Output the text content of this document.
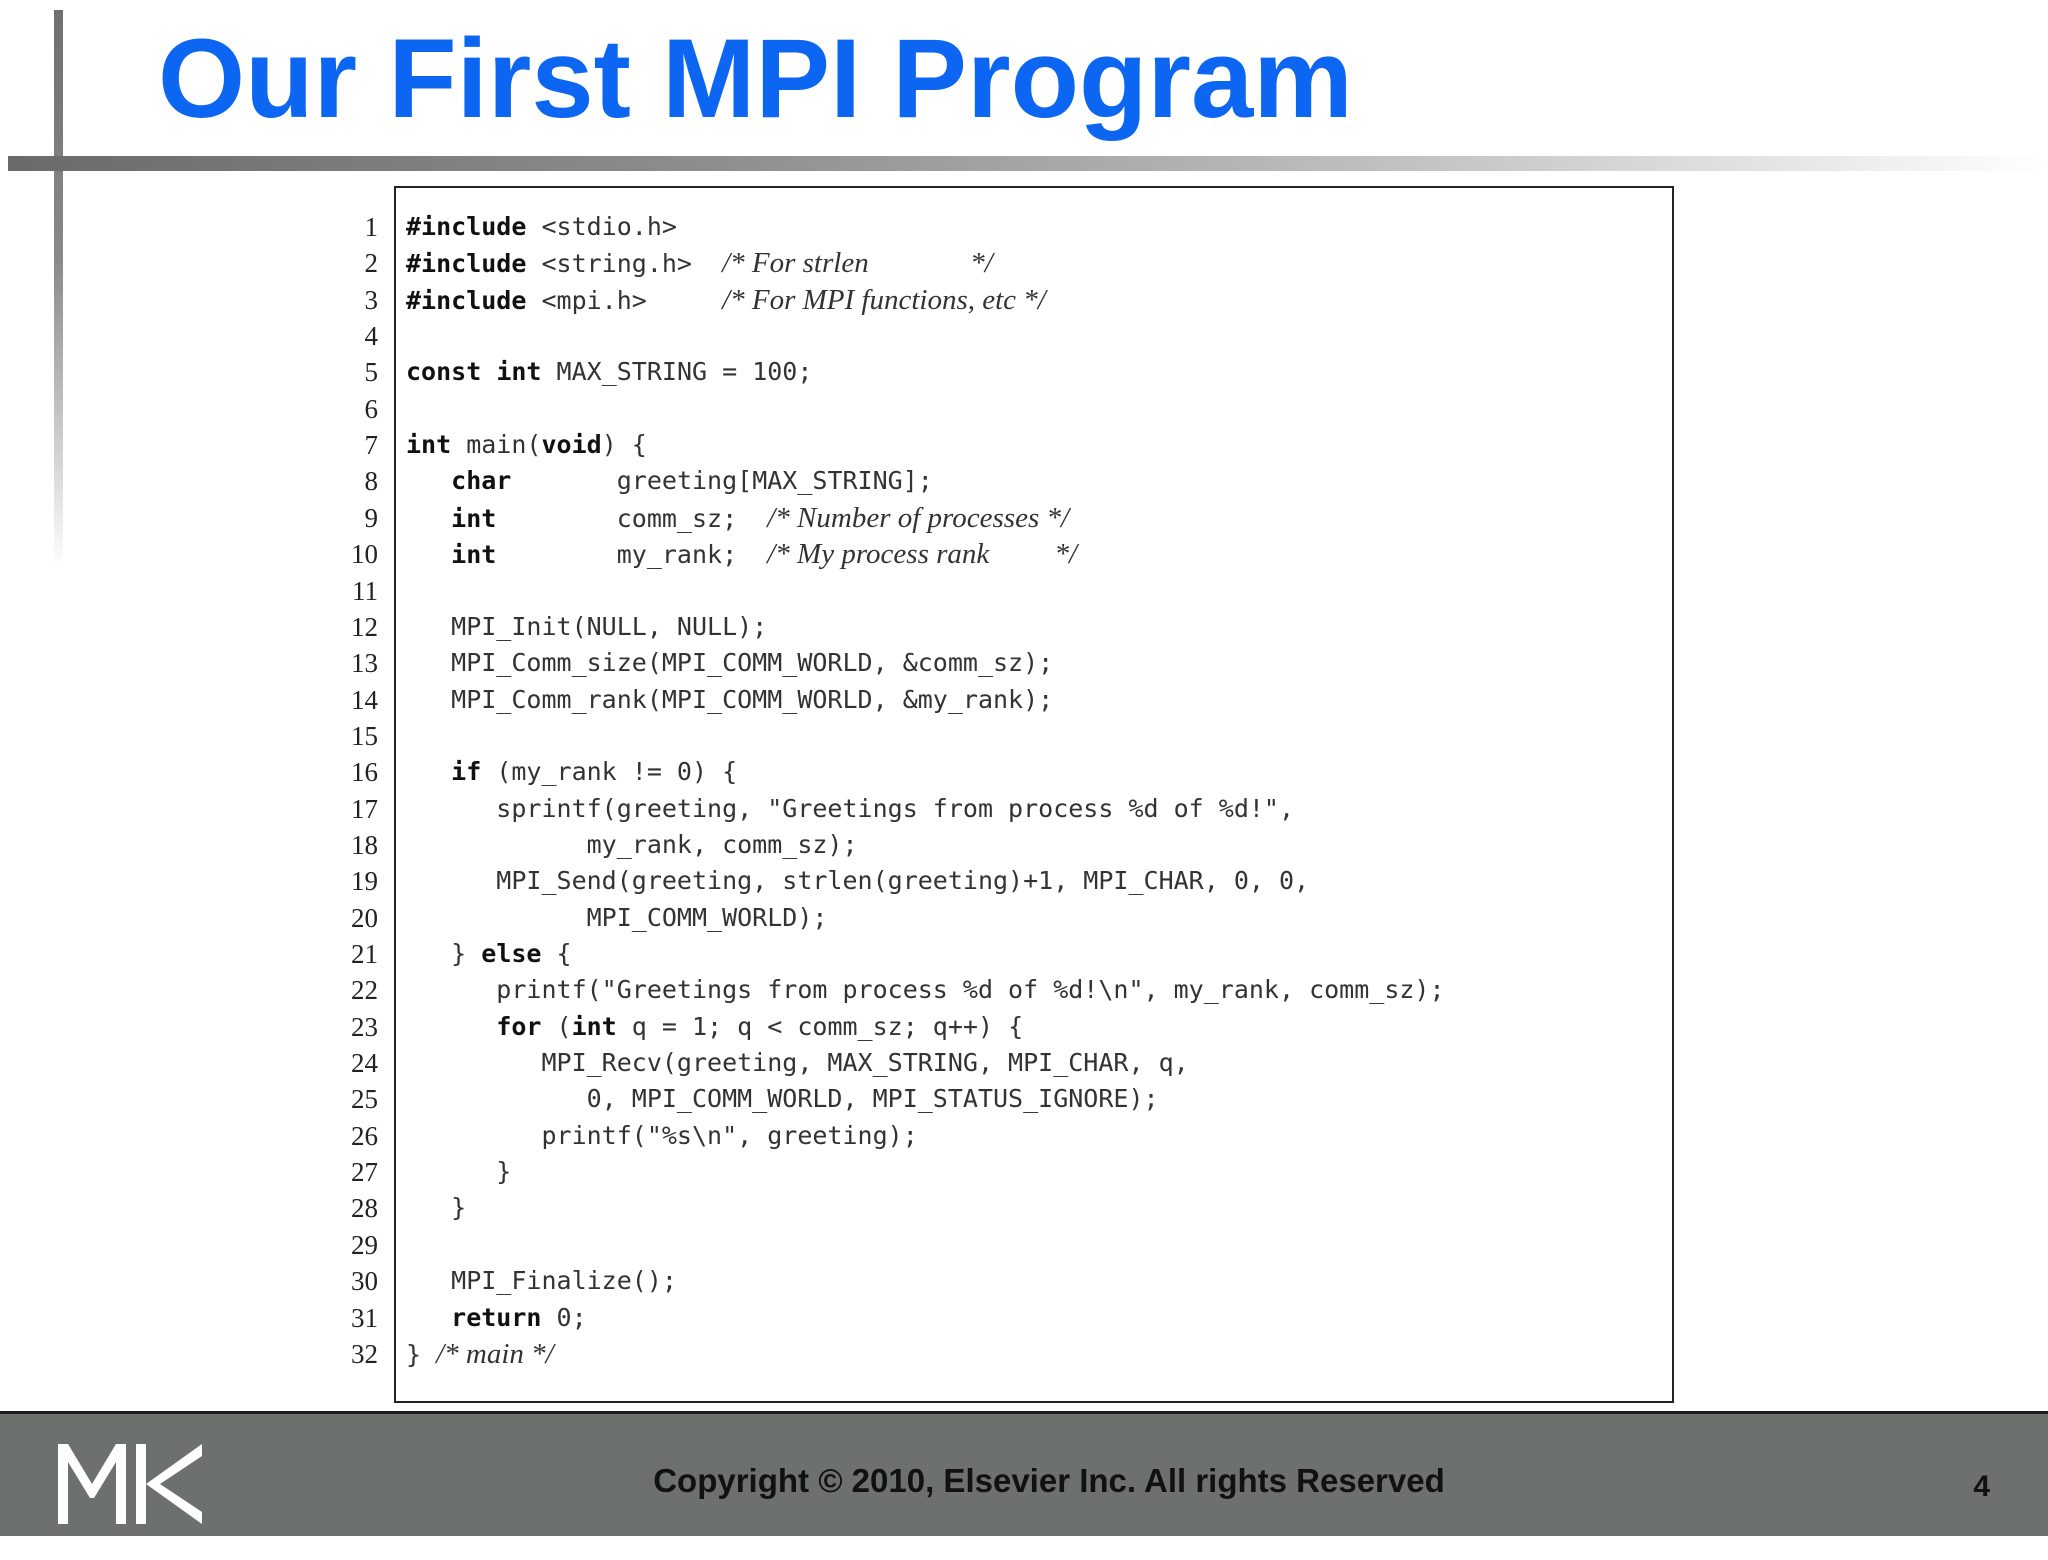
Our First MPI Program
1 #include <stdio.h>
2 #include <string.h>  /* For strlen              */
3 #include <mpi.h>     /* For MPI functions, etc */
4
5 const int MAX_STRING = 100;
6
7 int main(void) {
8	char       greeting[MAX_STRING];
9	int        comm_sz;  /* Number of processes */
10	int        my_rank;  /* My process rank         */
11
12 MPI_Init(NULL, NULL);
13 MPI_Comm_size(MPI_COMM_WORLD, &comm_sz);
14 MPI_Comm_rank(MPI_COMM_WORLD, &my_rank);
15
16	if (my_rank != 0) {
17 sprintf(greeting, "Greetings from process %d of %d!",
18 my_rank, comm_sz);
19 MPI_Send(greeting, strlen(greeting)+1, MPI_CHAR, 0, 0,
20 MPI_COMM_WORLD);
21 } else {
22 printf("Greetings from process %d of %d!\n", my_rank, comm_sz);
23	for (int q = 1; q < comm_sz; q++) {
24 MPI_Recv(greeting, MAX_STRING, MPI_CHAR, q,
25 0, MPI_COMM_WORLD, MPI_STATUS_IGNORE);
26 printf("%s\n", greeting);
27 }
28 }
29
30 MPI_Finalize();
31	return 0;
32 } /* main */
MORGAN KAUFMANN
Copyright © 2010, Elsevier Inc. All rights Reserved	4
